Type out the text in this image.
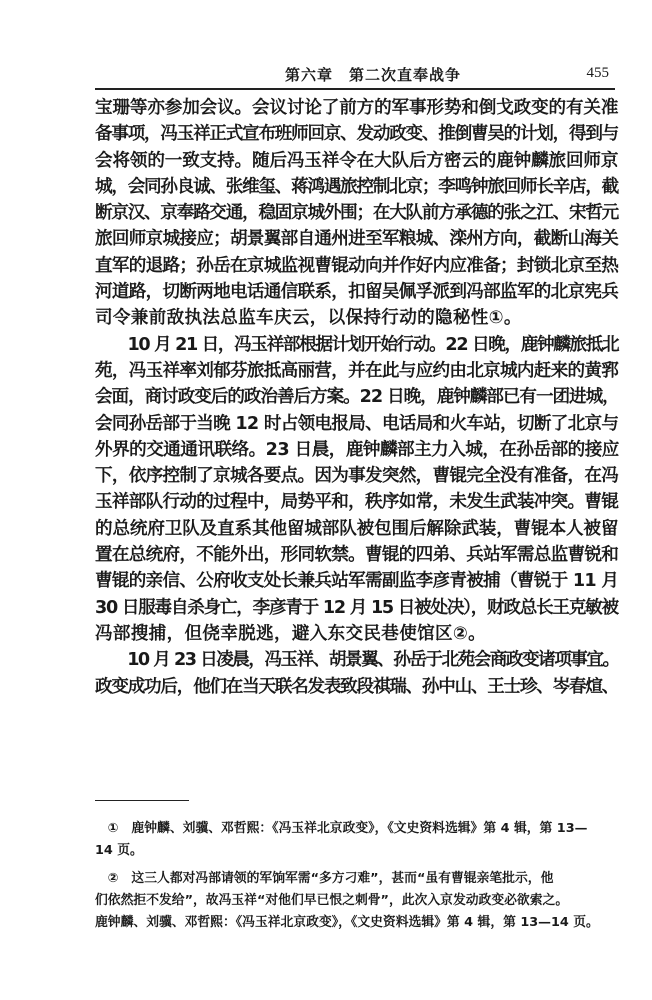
第六章　第二次直奉战争	455
宝珊等亦参加会议。会议讨论了前方的军事形势和倒戈政变的有关准
备事项，冯玉祥正式宣布班师回京、发动政变、推倒曹吴的计划，得到与
会将领的一致支持。随后冯玉祥令在大队后方密云的鹿钟麟旅回师京
城，会同孙良诚、张维玺、蒋鸿遇旅控制北京；李鸣钟旅回师长辛店，截
断京汉、京奉路交通，稳固京城外围；在大队前方承德的张之江、宋哲元
旅回师京城接应；胡景翼部自通州进至军粮城、滦州方向，截断山海关
直军的退路；孙岳在京城监视曹锟动向并作好内应准备；封锁北京至热
河道路，切断两地电话通信联系，扣留吴佩孚派到冯部监军的北京宪兵
司令兼前敌执法总监车庆云，以保持行动的隐秘性①。
　　10 月 21 日，冯玉祥部根据计划开始行动。22 日晚，鹿钟麟旅抵北
苑，冯玉祥率刘郁芬旅抵高丽营，并在此与应约由北京城内赶来的黄郛
会面，商讨政变后的政治善后方案。22 日晚，鹿钟麟部已有一团进城，
会同孙岳部于当晚 12 时占领电报局、电话局和火车站，切断了北京与
外界的交通通讯联络。23 日晨，鹿钟麟部主力入城，在孙岳部的接应
下，依序控制了京城各要点。因为事发突然，曹锟完全没有准备，在冯
玉祥部队行动的过程中，局势平和，秩序如常，未发生武装冲突。曹锟
的总统府卫队及直系其他留城部队被包围后解除武装，曹锟本人被留
置在总统府，不能外出，形同软禁。曹锟的四弟、兵站军需总监曹锐和
曹锟的亲信、公府收支处长兼兵站军需副监李彦青被捕（曹锐于 11 月
30 日服毒自杀身亡，李彦青于 12 月 15 日被处决），财政总长王克敏被
冯部搜捕，但侥幸脱逃，避入东交民巷使馆区②。
　　10 月 23 日凌晨，冯玉祥、胡景翼、孙岳于北苑会商政变诸项事宜。
政变成功后，他们在当天联名发表致段祺瑞、孙中山、王士珍、岑春煊、
　①　鹿钟麟、刘骥、邓哲熙：《冯玉祥北京政变》，《文史资料选辑》第 4 辑，第 13—
14 页。
　②　这三人都对冯部请领的军饷军需“多方刁难”，甚而“虽有曹锟亲笔批示，他
们依然拒不发给”，故冯玉祥“对他们早已恨之刺骨”，此次入京发动政变必欲索之。
鹿钟麟、刘骥、邓哲熙：《冯玉祥北京政变》，《文史资料选辑》第 4 辑，第 13—14 页。
